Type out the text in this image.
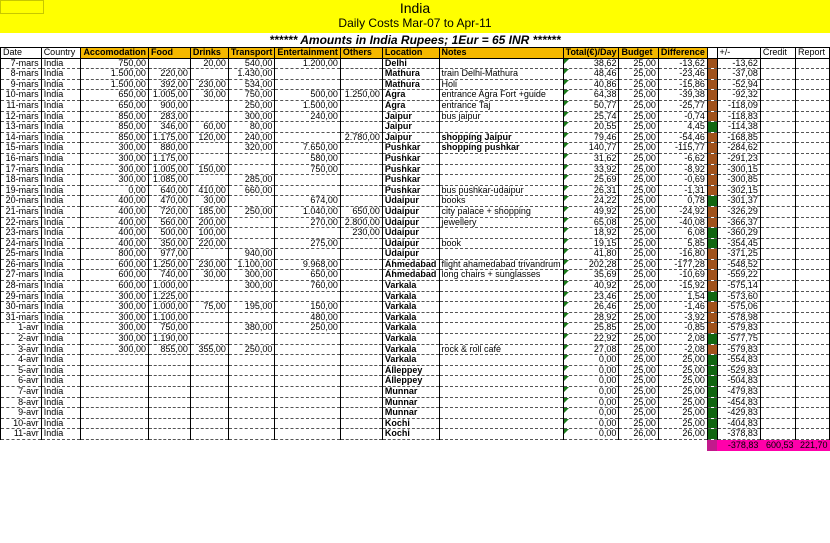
India
Daily Costs Mar-07 to Apr-11
****** Amounts in India Rupees; 1Eur = 65 INR ******
Date	Country	Accomodation	Food	Drinks	Transport	Entertainment	Others	Location	Notes	Total(€)/Day	Budget	Difference		+/-	Credit	Report
7-mars	India	750,00		20,00	540,00	1.200,00		Delhi		38,62	25,00	-13,62		-13,62		
8-mars	India	1.500,00	220,00		1.430,00			Mathura	train Delhi-Mathura	48,46	25,00	-23,46		-37,08		
9-mars	India	1.500,00	392,00	230,00	534,00			Mathura	Holi	40,86	25,00	-15,86		-52,94		
10-mars	India	650,00	1.005,00	30,00	750,00	500,00	1.250,00	Agra	entrance Agra Fort +guide	64,38	25,00	-39,38		-92,32		
11-mars	India	650,00	900,00		250,00	1.500,00		Agra	entrance Taj	50,77	25,00	-25,77		-118,09		
12-mars	India	850,00	283,00		300,00	240,00		Jaipur	bus jaipur	25,74	25,00	-0,74		-118,83		
13-mars	India	850,00	346,00	60,00	80,00			Jaipur		20,55	25,00	4,45		-114,38		
14-mars	India	850,00	1.175,00	120,00	240,00		2.780,00	Jaipur	shopping Jaipur	79,46	25,00	-54,46		-168,85		
15-mars	India	300,00	880,00		320,00	7.650,00		Pushkar	shopping pushkar	140,77	25,00	-115,77		-284,62		
16-mars	India	300,00	1.175,00			580,00		Pushkar		31,62	25,00	-6,62		-291,23		
17-mars	India	300,00	1.005,00	150,00		750,00		Pushkar		33,92	25,00	-8,92		-300,15		
18-mars	India	300,00	1.085,00		285,00			Pushkar		25,69	25,00	-0,69		-300,85		
19-mars	India	0,00	640,00	410,00	660,00			Pushkar	bus pushkar-udaipur	26,31	25,00	-1,31		-302,15		
20-mars	India	400,00	470,00	30,00		674,00		Udaipur	books	24,22	25,00	0,78		-301,37		
21-mars	India	400,00	720,00	185,00	250,00	1.040,00	650,00	Udaipur	city palace + shopping	49,92	25,00	-24,92		-326,29		
22-mars	India	400,00	560,00	200,00		270,00	2.800,00	Udaipur	jewellery	65,08	25,00	-40,08		-366,37		
23-mars	India	400,00	500,00	100,00			230,00	Udaipur		18,92	25,00	6,08		-360,29		
24-mars	India	400,00	350,00	220,00		275,00		Udaipur	book	19,15	25,00	5,85		-354,45		
25-mars	India	800,00	977,00		940,00			Udaipur		41,80	25,00	-16,80		-371,25		
26-mars	India	600,00	1.250,00	230,00	1.100,00	9.968,00		Ahmedabad	flight ahamedabad trivandrum	202,28	25,00	-177,28		-548,52		
27-mars	India	600,00	740,00	30,00	300,00	650,00		Ahmedabad	long chairs + sunglasses	35,69	25,00	-10,69		-559,22		
28-mars	India	600,00	1.000,00		300,00	760,00		Varkala		40,92	25,00	-15,92		-575,14		
29-mars	India	300,00	1.225,00					Varkala		23,46	25,00	1,54		-573,60		
30-mars	India	300,00	1.000,00	75,00	195,00	150,00		Varkala		26,46	25,00	-1,46		-575,06		
31-mars	India	300,00	1.100,00			480,00		Varkala		28,92	25,00	-3,92		-578,98		
1-avr	India	300,00	750,00		380,00	250,00		Varkala		25,85	25,00	-0,85		-579,83		
2-avr	India	300,00	1.190,00					Varkala		22,92	25,00	2,08		-577,75		
3-avr	India	300,00	855,00	355,00	250,00			Varkala	rock & roll café	27,08	25,00	-2,08		-579,83		
4-avr	India							Varkala		0,00	25,00	25,00		-554,83		
5-avr	India							Alleppey		0,00	25,00	25,00		-529,83		
6-avr	India							Alleppey		0,00	25,00	25,00		-504,83		
7-avr	India							Munnar		0,00	25,00	25,00		-479,83		
8-avr	India							Munnar		0,00	25,00	25,00		-454,83		
9-avr	India							Munnar		0,00	25,00	25,00		-429,83		
10-avr	India							Kochi		0,00	25,00	25,00		-404,83		
11-avr	India							Kochi		0,00	26,00	26,00		-378,83		
														-378,83	600,53	221,70
